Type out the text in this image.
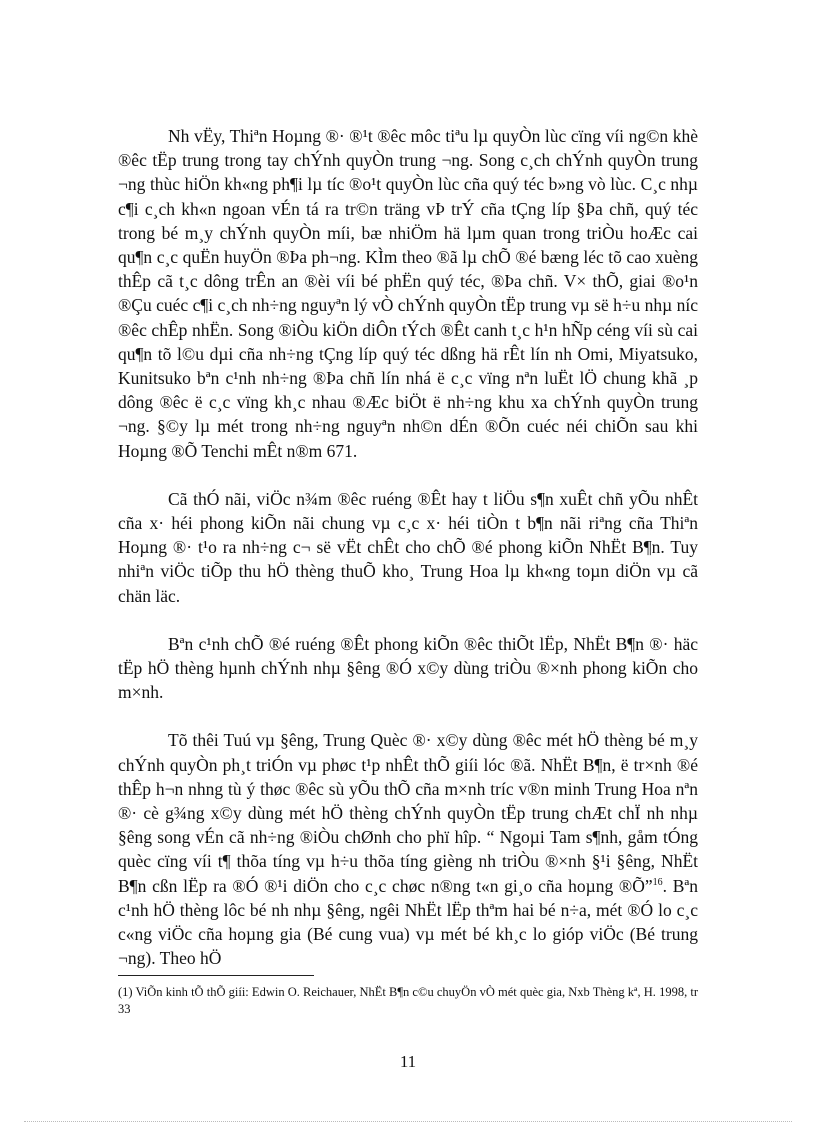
Nh vËy, Thiªn Hoµng ®· ®¹t ®êc môc tiªu lµ quyÒn lùc cïng víi ng©n khè ®êc tËp trung trong tay chÝnh quyÒn trung ¬ng. Song c¸ch chÝnh quyÒn trung ¬ng thùc hiÖn kh«ng ph¶i lµ tíc ®o¹t quyÒn lùc cña quý téc b»ng vò lùc. C¸c nhµ c¶i c¸ch kh«n ngoan vÉn tá ra tr©n träng vÞ trÝ cña tÇng líp §Þa chñ, quý téc trong bé m¸y chÝnh quyÒn míi, bæ nhiÖm hä lµm quan trong triÒu hoÆc cai qu¶n c¸c quËn huyÖn ®Þa ph¬ng. KÌm theo ®ã lµ chÕ ®é bæng léc tõ cao xuèng thÊp cã t¸c dông trÊn an ®èi víi bé phËn quý téc, ®Þa chñ. V× thÕ, giai ®o¹n ®Çu cuéc c¶i c¸ch nh÷ng nguyªn lý vÒ chÝnh quyÒn tËp trung vµ së h÷u nhµ níc ®êc chÊp nhËn. Song ®iÒu kiÖn diÔn tÝch ®Êt canh t¸c h¹n hÑp céng víi sù cai qu¶n tõ l©u dµi cña nh÷ng tÇng líp quý téc dßng hä rÊt lín nh Omi, Miyatsuko, Kunitsuko bªn c¹nh nh÷ng ®Þa chñ lín nhá ë c¸c vïng nªn luËt lÖ chung khã ¸p dông ®êc ë c¸c vïng kh¸c nhau ®Æc biÖt ë nh÷ng khu xa chÝnh quyÒn trung ¬ng. §©y lµ mét trong nh÷ng nguyªn nh©n dÉn ®Õn cuéc néi chiÕn sau khi Hoµng ®Õ Tenchi mÊt n®m 671.

Cã thÓ nãi, viÖc n¾m ®êc ruéng ®Êt hay t liÖu s¶n xuÊt chñ yÕu nhÊt cña x· héi phong kiÕn nãi chung vµ c¸c x· héi tiÒn t b¶n nãi riªng cña Thiªn Hoµng ®· t¹o ra nh÷ng c¬ së vËt chÊt cho chÕ ®é phong kiÕn NhËt B¶n. Tuy nhiªn viÖc tiÕp thu hÖ thèng thuÕ kho¸ Trung Hoa lµ kh«ng toµn diÖn vµ cã chän läc.

Bªn c¹nh chÕ ®é ruéng ®Êt phong kiÕn ®êc thiÕt lËp, NhËt B¶n ®· häc tËp hÖ thèng hµnh chÝnh nhµ §êng ®Ó x©y dùng triÒu ®×nh phong kiÕn cho m×nh.

Tõ thêi Tuú vµ §êng, Trung Quèc ®· x©y dùng ®êc mét hÖ thèng bé m¸y chÝnh quyÒn ph¸t triÓn vµ phøc t¹p nhÊt thÕ giíi lóc ®ã. NhËt B¶n, ë tr×nh ®é thÊp h¬n nhng tù ý thøc ®êc sù yÕu thÕ cña m×nh tríc v®n minh Trung Hoa nªn ®· cè g¾ng x©y dùng mét hÖ thèng chÝnh quyÒn tËp trung chÆt chÏ nh nhµ §êng song vÉn cã nh÷ng ®iÒu chØnh cho phï hîp. “ Ngoµi Tam s¶nh, gåm tÓng quèc cïng víi t¶ thõa tíng vµ h÷u thõa tíng gièng nh triÒu ®×nh §¹i §êng, NhËt B¶n cßn lËp ra ®Ó ®¹i diÖn cho c¸c chøc n®ng t«n gi¸o cña hoµng ®Õ”$^{16}$. Bªn c¹nh hÖ thèng lôc bé nh nhµ §êng, ngêi NhËt lËp thªm hai bé n÷a, mét ®Ó lo c¸c c«ng viÖc cña hoµng gia (Bé cung vua) vµ mét bé kh¸c lo gióp viÖc (Bé trung ¬ng). Theo hÖ

(1) ViÕn kinh tÕ thÕ giíi: Edwin O. Reichauer, NhËt B¶n c©u chuyÖn vÒ mét quèc gia, Nxb Thèng kª, H. 1998, tr 33
11
